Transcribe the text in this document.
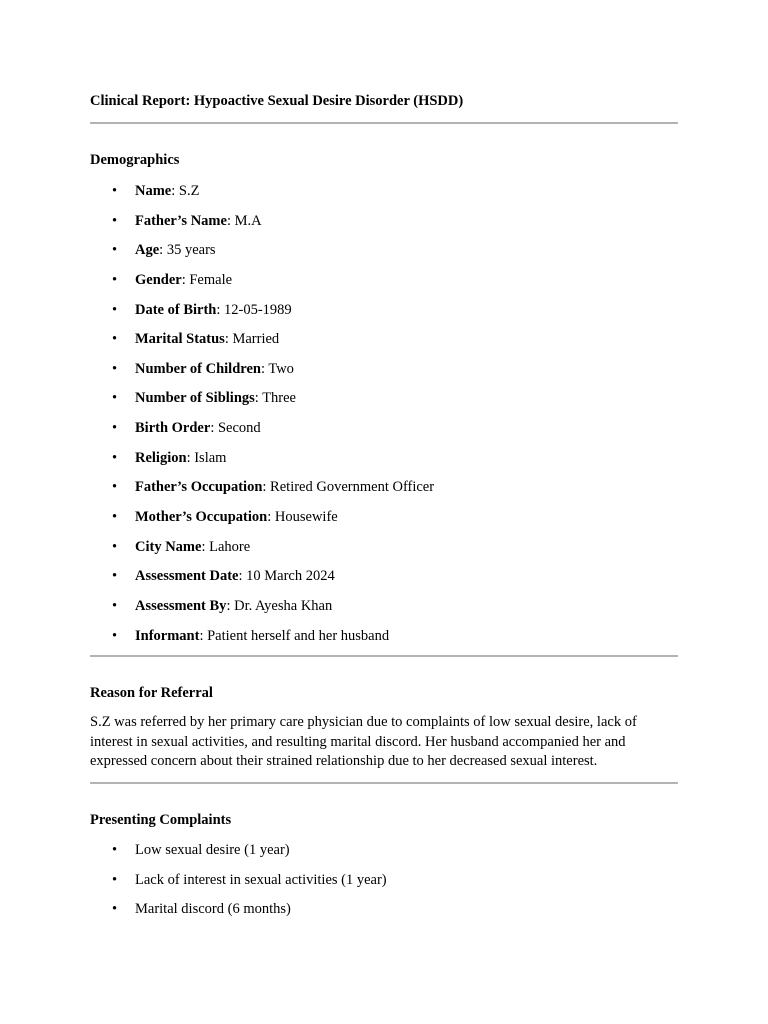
Clinical Report: Hypoactive Sexual Desire Disorder (HSDD)
Demographics
• Name: S.Z
• Father’s Name: M.A
• Age: 35 years
• Gender: Female
• Date of Birth: 12-05-1989
• Marital Status: Married
• Number of Children: Two
• Number of Siblings: Three
• Birth Order: Second
• Religion: Islam
• Father’s Occupation: Retired Government Officer
• Mother’s Occupation: Housewife
• City Name: Lahore
• Assessment Date: 10 March 2024
• Assessment By: Dr. Ayesha Khan
• Informant: Patient herself and her husband
Reason for Referral
S.Z was referred by her primary care physician due to complaints of low sexual desire, lack of
interest in sexual activities, and resulting marital discord. Her husband accompanied her and
expressed concern about their strained relationship due to her decreased sexual interest.
Presenting Complaints
• Low sexual desire (1 year)
• Lack of interest in sexual activities (1 year)
• Marital discord (6 months)
